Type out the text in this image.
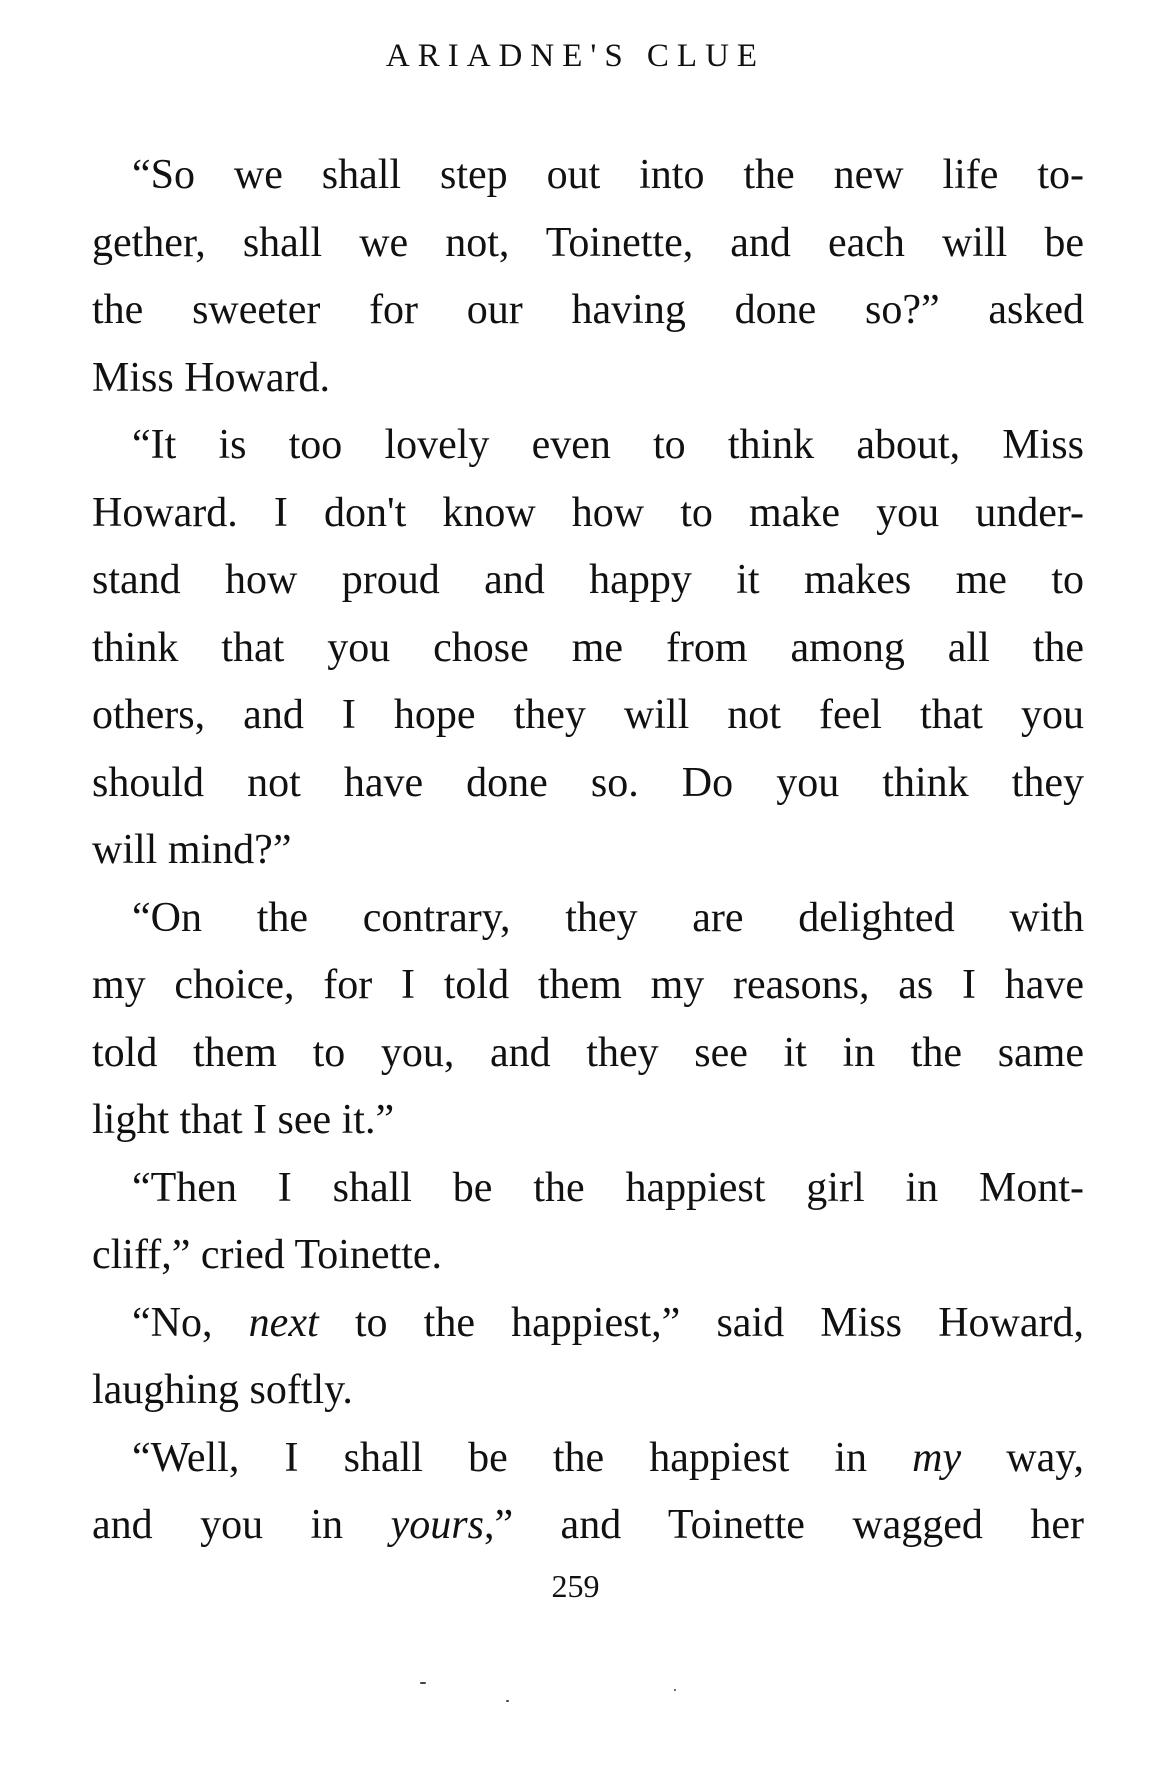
ARIADNE'S CLUE
“So we shall step out into the new life to-
gether, shall we not, Toinette, and each will be
the sweeter for our having done so?” asked
Miss Howard.
“It is too lovely even to think about, Miss
Howard. I don't know how to make you under-
stand how proud and happy it makes me to
think that you chose me from among all the
others, and I hope they will not feel that you
should not have done so. Do you think they
will mind?”
“On the contrary, they are delighted with
my choice, for I told them my reasons, as I have
told them to you, and they see it in the same
light that I see it.”
“Then I shall be the happiest girl in Mont-
cliff,” cried Toinette.
“No, next to the happiest,” said Miss Howard,
laughing softly.
“Well, I shall be the happiest in my way,
and you in yours,” and Toinette wagged her
259
